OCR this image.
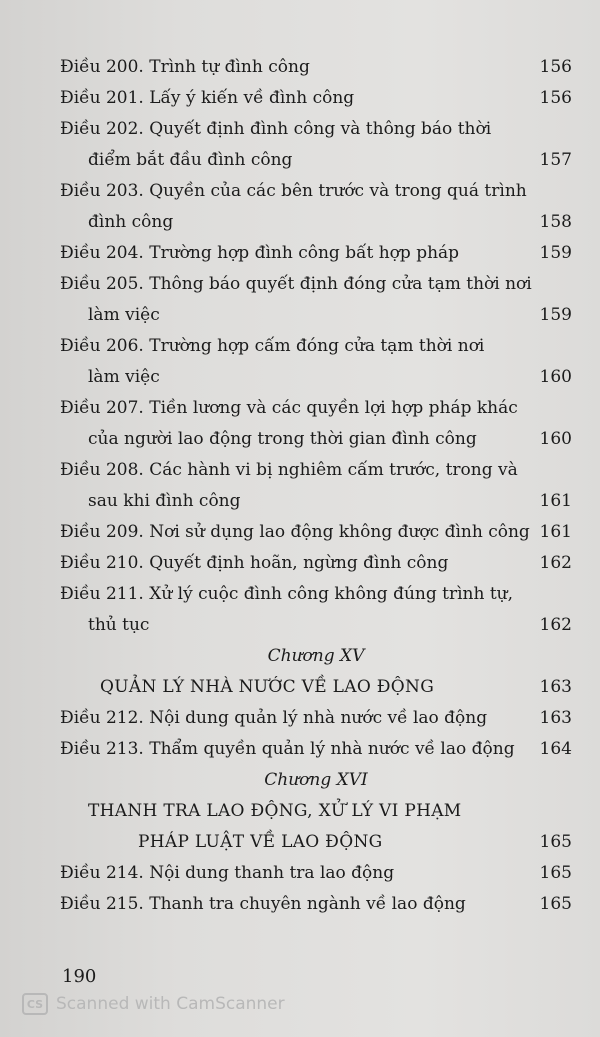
Điều 200. Trình tự đình công	156
Điều 201. Lấy ý kiến về đình công	156
Điều 202. Quyết định đình công và thông báo thời
điểm bắt đầu đình công	157
Điều 203. Quyền của các bên trước và trong quá trình
đình công	158
Điều 204. Trường hợp đình công bất hợp pháp	159
Điều 205. Thông báo quyết định đóng cửa tạm thời nơi
làm việc	159
Điều 206. Trường hợp cấm đóng cửa tạm thời nơi
làm việc	160
Điều 207. Tiền lương và các quyền lợi hợp pháp khác
của người lao động trong thời gian đình công	160
Điều 208. Các hành vi bị nghiêm cấm trước, trong và
sau khi đình công	161
Điều 209. Nơi sử dụng lao động không được đình công 161
Điều 210. Quyết định hoãn, ngừng đình công	162
Điều 211. Xử lý cuộc đình công không đúng trình tự,
thủ tục	162
Chương XV
QUẢN LÝ NHÀ NƯỚC VỀ LAO ĐỘNG	163
Điều 212. Nội dung quản lý nhà nước về lao động	163
Điều 213. Thẩm quyền quản lý nhà nước về lao động 164
Chương XVI
THANH TRA LAO ĐỘNG, XỬ LÝ VI PHẠM
PHÁP LUẬT VỀ LAO ĐỘNG	165
Điều 214. Nội dung thanh tra lao động	165
Điều 215. Thanh tra chuyên ngành về lao động	165
190
CS Scanned with CamScanner
